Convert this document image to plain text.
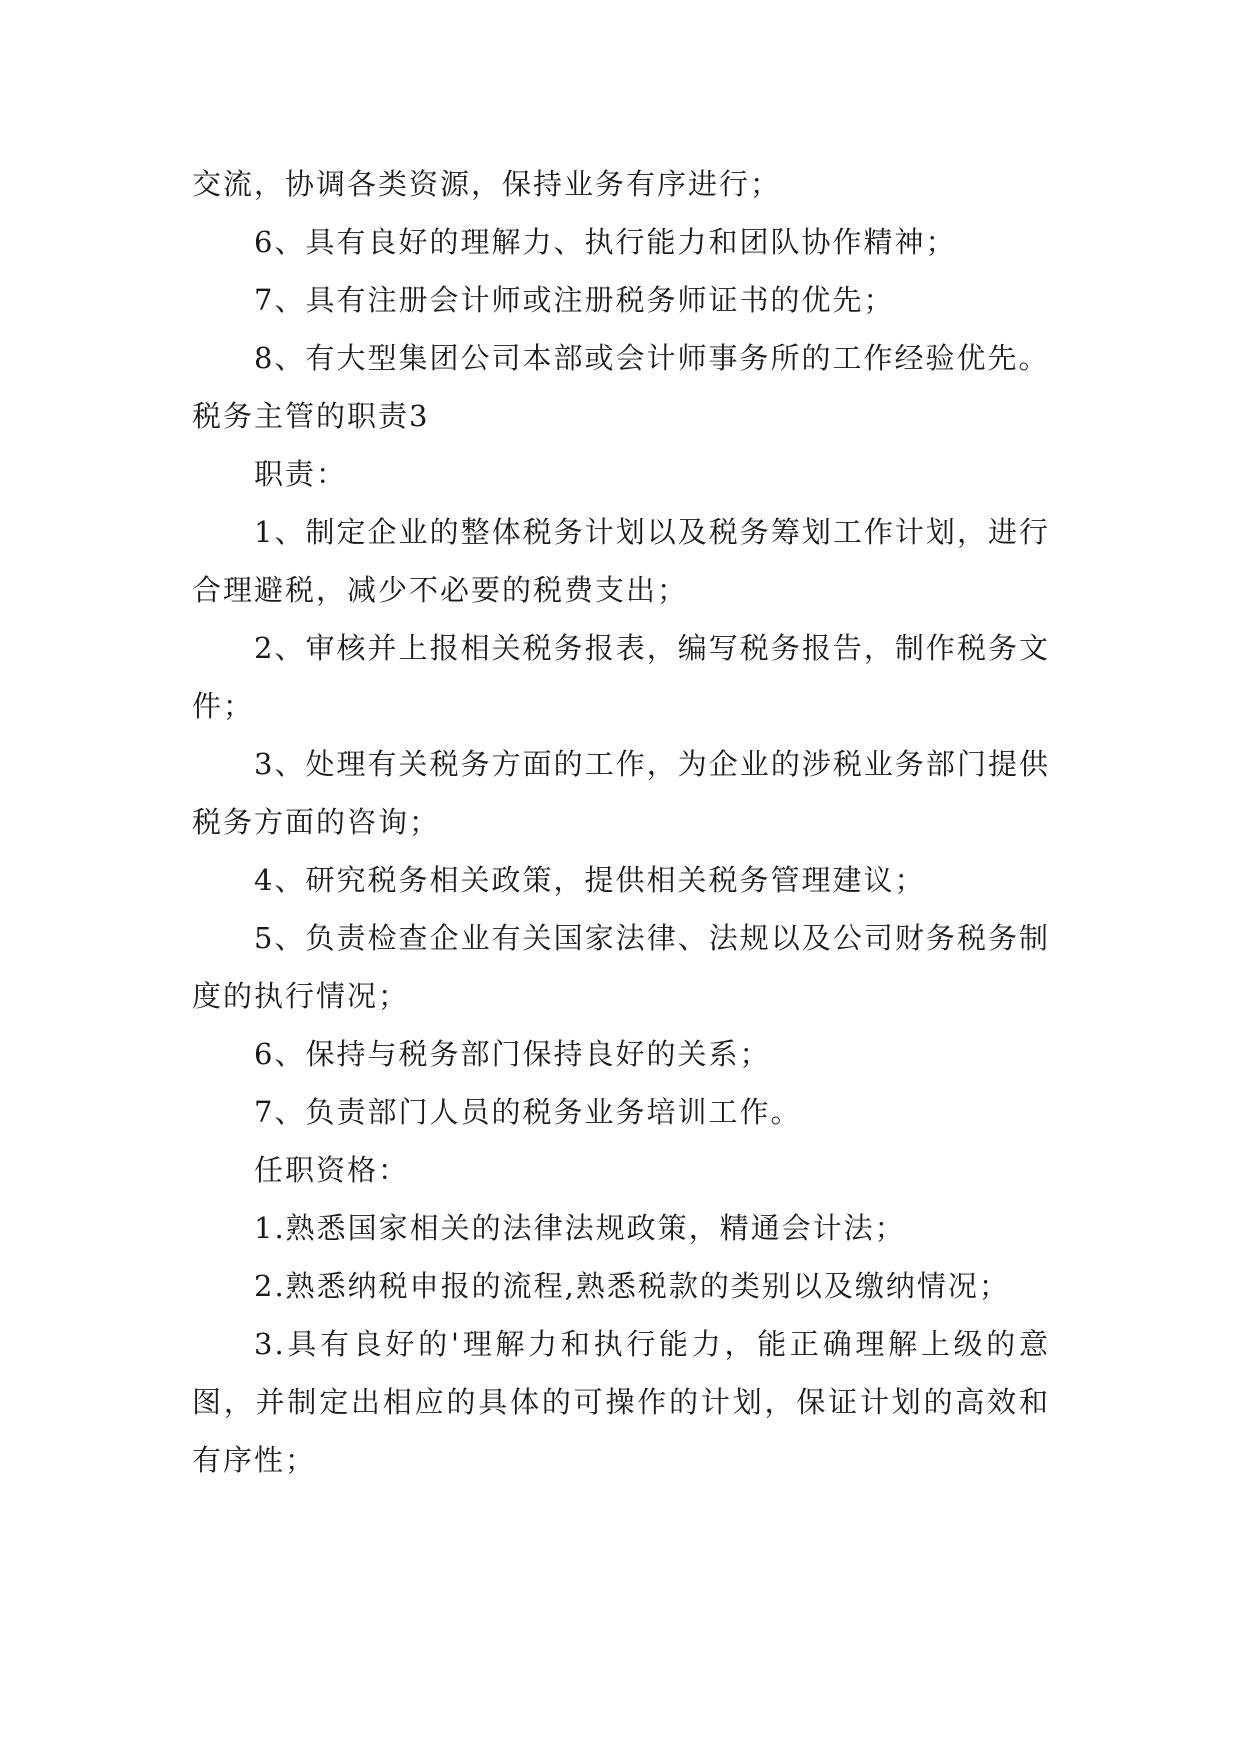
交流，协调各类资源，保持业务有序进行；

6、具有良好的理解力、执行能力和团队协作精神；

7、具有注册会计师或注册税务师证书的优先；

8、有大型集团公司本部或会计师事务所的工作经验优先。

税务主管的职责3

职责：

1、制定企业的整体税务计划以及税务筹划工作计划，进行合理避税，减少不必要的税费支出；

2、审核并上报相关税务报表，编写税务报告，制作税务文件；

3、处理有关税务方面的工作，为企业的涉税业务部门提供税务方面的咨询；

4、研究税务相关政策，提供相关税务管理建议；

5、负责检查企业有关国家法律、法规以及公司财务税务制度的执行情况；

6、保持与税务部门保持良好的关系；

7、负责部门人员的税务业务培训工作。

任职资格：

1.熟悉国家相关的法律法规政策，精通会计法；

2.熟悉纳税申报的流程,熟悉税款的类别以及缴纳情况；

3.具有良好的'理解力和执行能力，能正确理解上级的意图，并制定出相应的具体的可操作的计划，保证计划的高效和有序性；
